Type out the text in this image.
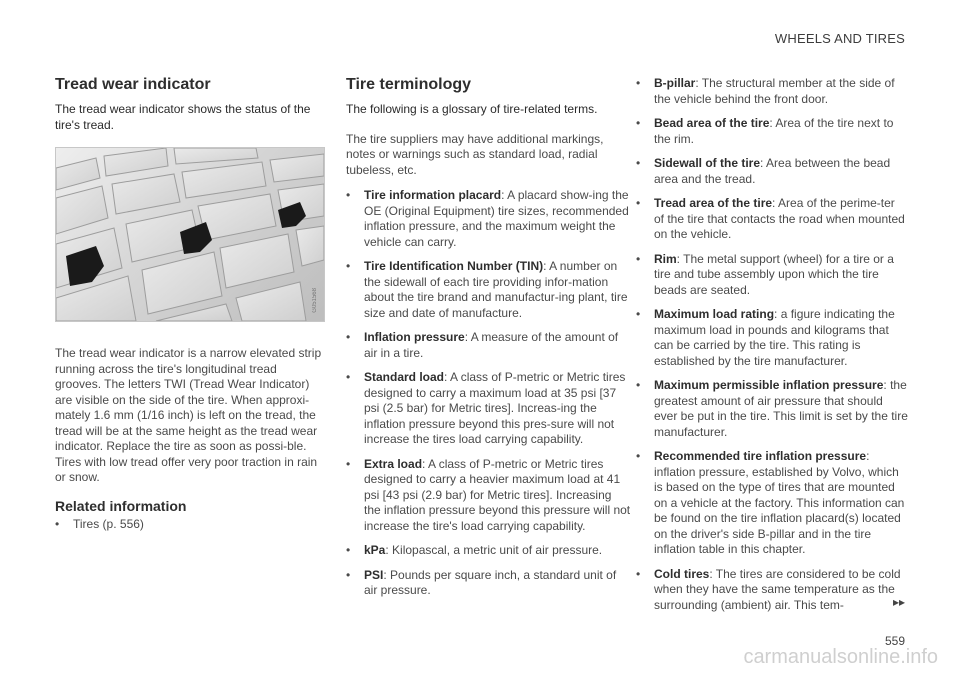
WHEELS AND TIRES
Tread wear indicator
The tread wear indicator shows the status of the tire's tread.
G051568

The tread wear indicator is a narrow elevated strip running across the tire's longitudinal tread grooves. The letters TWI (Tread Wear Indicator) are visible on the side of the tire. When approxi-mately 1.6 mm (1/16 inch) is left on the tread, the tread will be at the same height as the tread wear indicator. Replace the tire as soon as possi-ble. Tires with low tread offer very poor traction in rain or snow.

Related information
• Tires (p. 556)
Tire terminology
The following is a glossary of tire-related terms.

The tire suppliers may have additional markings, notes or warnings such as standard load, radial tubeless, etc.

• Tire information placard: A placard show-ing the OE (Original Equipment) tire sizes, recommended inflation pressure, and the maximum weight the vehicle can carry.
• Tire Identification Number (TIN): A number on the sidewall of each tire providing infor-mation about the tire brand and manufactur-ing plant, tire size and date of manufacture.
• Inflation pressure: A measure of the amount of air in a tire.
• Standard load: A class of P-metric or Metric tires designed to carry a maximum load at 35 psi [37 psi (2.5 bar) for Metric tires]. Increas-ing the inflation pressure beyond this pres-sure will not increase the tires load carrying capability.
• Extra load: A class of P-metric or Metric tires designed to carry a heavier maximum load at 41 psi [43 psi (2.9 bar) for Metric tires]. Increasing the inflation pressure beyond this pressure will not increase the tire's load carrying capability.
• kPa: Kilopascal, a metric unit of air pressure.
• PSI: Pounds per square inch, a standard unit of air pressure.
• B-pillar: The structural member at the side of the vehicle behind the front door.
• Bead area of the tire: Area of the tire next to the rim.
• Sidewall of the tire: Area between the bead area and the tread.
• Tread area of the tire: Area of the perime-ter of the tire that contacts the road when mounted on the vehicle.
• Rim: The metal support (wheel) for a tire or a tire and tube assembly upon which the tire beads are seated.
• Maximum load rating: a figure indicating the maximum load in pounds and kilograms that can be carried by the tire. This rating is established by the tire manufacturer.
• Maximum permissible inflation pressure: the greatest amount of air pressure that should ever be put in the tire. This limit is set by the tire manufacturer.
• Recommended tire inflation pressure: inflation pressure, established by Volvo, which is based on the type of tires that are mounted on a vehicle at the factory. This information can be found on the tire inflation placard(s) located on the driver's side B-pillar and in the tire inflation table in this chapter.
• Cold tires: The tires are considered to be cold when they have the same temperature as the surrounding (ambient) air. This tem-	▸▸
559
carmanualsonline.info
